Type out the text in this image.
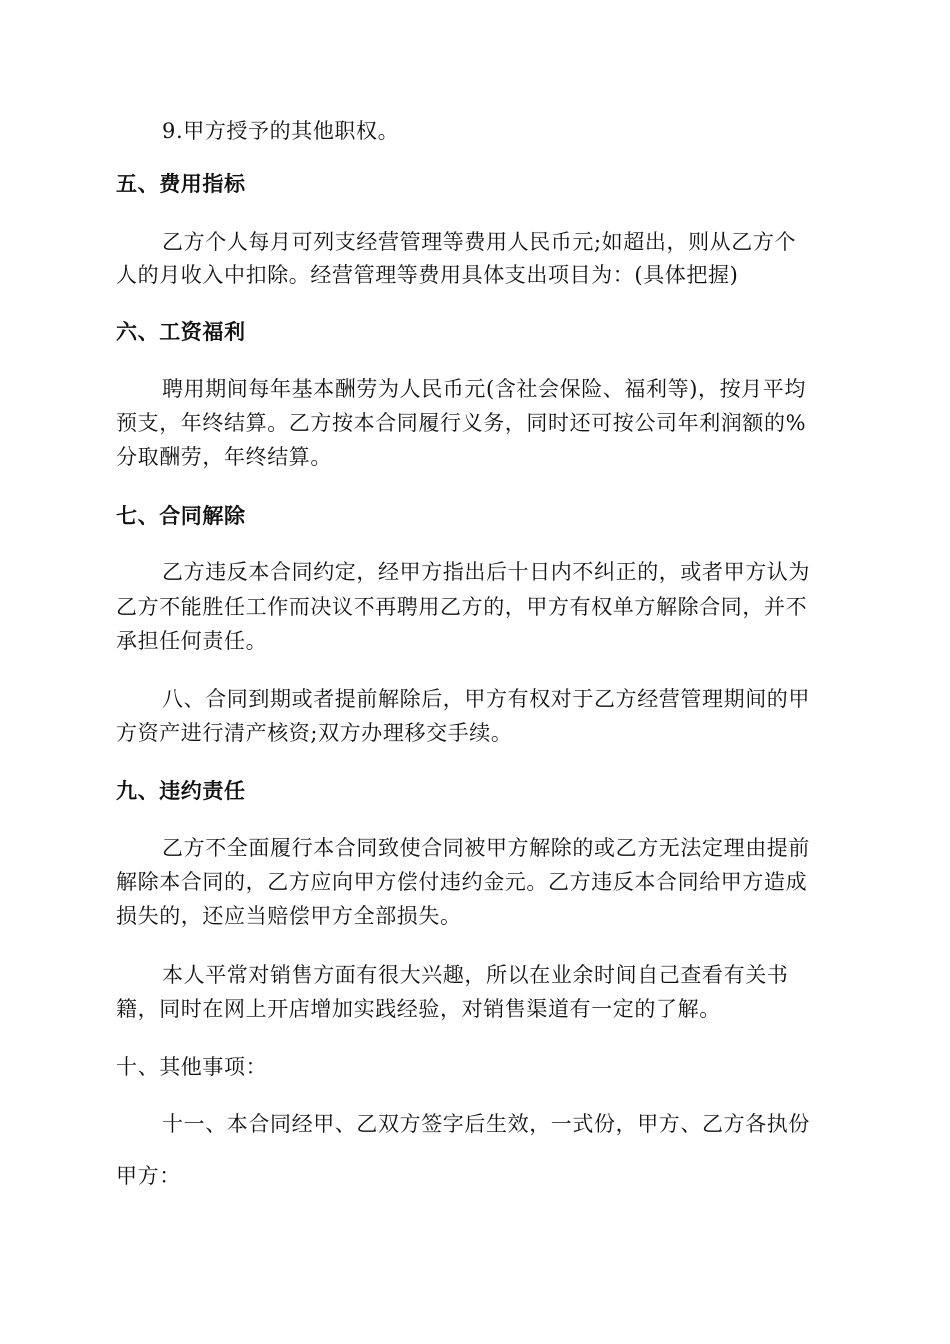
9.甲方授予的其他职权。
五、费用指标
乙方个人每月可列支经营管理等费用人民币元;如超出，则从乙方个
人的月收入中扣除。经营管理等费用具体支出项目为：(具体把握)
六、工资福利
聘用期间每年基本酬劳为人民币元(含社会保险、福利等)，按月平均
预支，年终结算。乙方按本合同履行义务，同时还可按公司年利润额的%
分取酬劳，年终结算。
七、合同解除
乙方违反本合同约定，经甲方指出后十日内不纠正的，或者甲方认为
乙方不能胜任工作而决议不再聘用乙方的，甲方有权单方解除合同，并不
承担任何责任。
八、合同到期或者提前解除后，甲方有权对于乙方经营管理期间的甲
方资产进行清产核资;双方办理移交手续。
九、违约责任
乙方不全面履行本合同致使合同被甲方解除的或乙方无法定理由提前
解除本合同的，乙方应向甲方偿付违约金元。乙方违反本合同给甲方造成
损失的，还应当赔偿甲方全部损失。
本人平常对销售方面有很大兴趣，所以在业余时间自己查看有关书
籍，同时在网上开店增加实践经验，对销售渠道有一定的了解。
十、其他事项：
十一、本合同经甲、乙双方签字后生效，一式份，甲方、乙方各执份
甲方：
